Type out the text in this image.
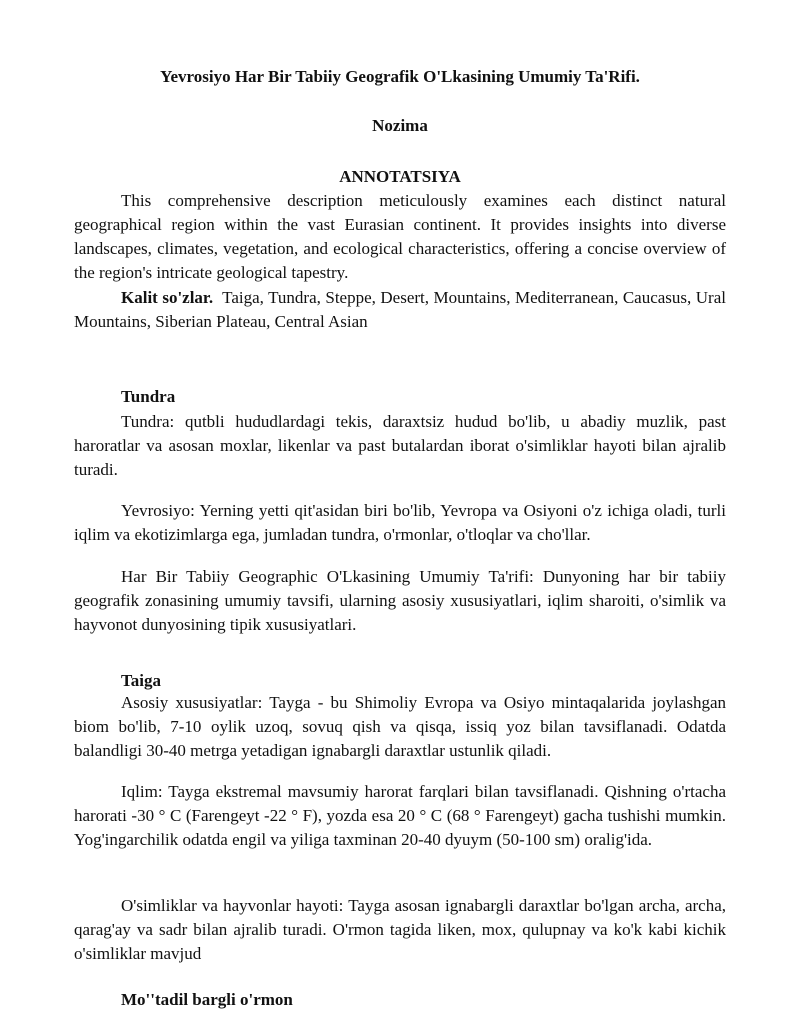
Yevrosiyo Har Bir Tabiiy Geografik O'Lkasining Umumiy Ta'Rifi.
Nozima
ANNOTATSIYA

This comprehensive description meticulously examines each distinct natural geographical region within the vast Eurasian continent. It provides insights into diverse landscapes, climates, vegetation, and ecological characteristics, offering a concise overview of the region's intricate geological tapestry.

Kalit so'zlar. Taiga, Tundra, Steppe, Desert, Mountains, Mediterranean, Caucasus, Ural Mountains, Siberian Plateau, Central Asian

Tundra

Tundra: qutbli hududlardagi tekis, daraxtsiz hudud bo'lib, u abadiy muzlik, past haroratlar va asosan moxlar, likenlar va past butalardan iborat o'simliklar hayoti bilan ajralib turadi.

Yevrosiyo: Yerning yetti qit'asidan biri bo'lib, Yevropa va Osiyoni o'z ichiga oladi, turli iqlim va ekotizimlarga ega, jumladan tundra, o'rmonlar, o'tloqlar va cho'llar.

Har Bir Tabiiy Geographic O'Lkasining Umumiy Ta'rifi: Dunyoning har bir tabiiy geografik zonasining umumiy tavsifi, ularning asosiy xususiyatlari, iqlim sharoiti, o'simlik va hayvonot dunyosining tipik xususiyatlari.

Taiga

Asosiy xususiyatlar: Tayga - bu Shimoliy Evropa va Osiyo mintaqalarida joylashgan biom bo'lib, 7-10 oylik uzoq, sovuq qish va qisqa, issiq yoz bilan tavsiflanadi. Odatda balandligi 30-40 metrga yetadigan ignabargli daraxtlar ustunlik qiladi.

Iqlim: Tayga ekstremal mavsumiy harorat farqlari bilan tavsiflanadi. Qishning o'rtacha harorati -30 ° C (Farengeyt -22 ° F), yozda esa 20 ° C (68 ° Farengeyt) gacha tushishi mumkin. Yog'ingarchilik odatda engil va yiliga taxminan 20-40 dyuym (50-100 sm) oralig'ida.

O'simliklar va hayvonlar hayoti: Tayga asosan ignabargli daraxtlar bo'lgan archa, archa, qarag'ay va sadr bilan ajralib turadi. O'rmon tagida liken, mox, qulupnay va ko'k kabi kichik o'simliklar mavjud

Mo''tadil bargli o'rmon
